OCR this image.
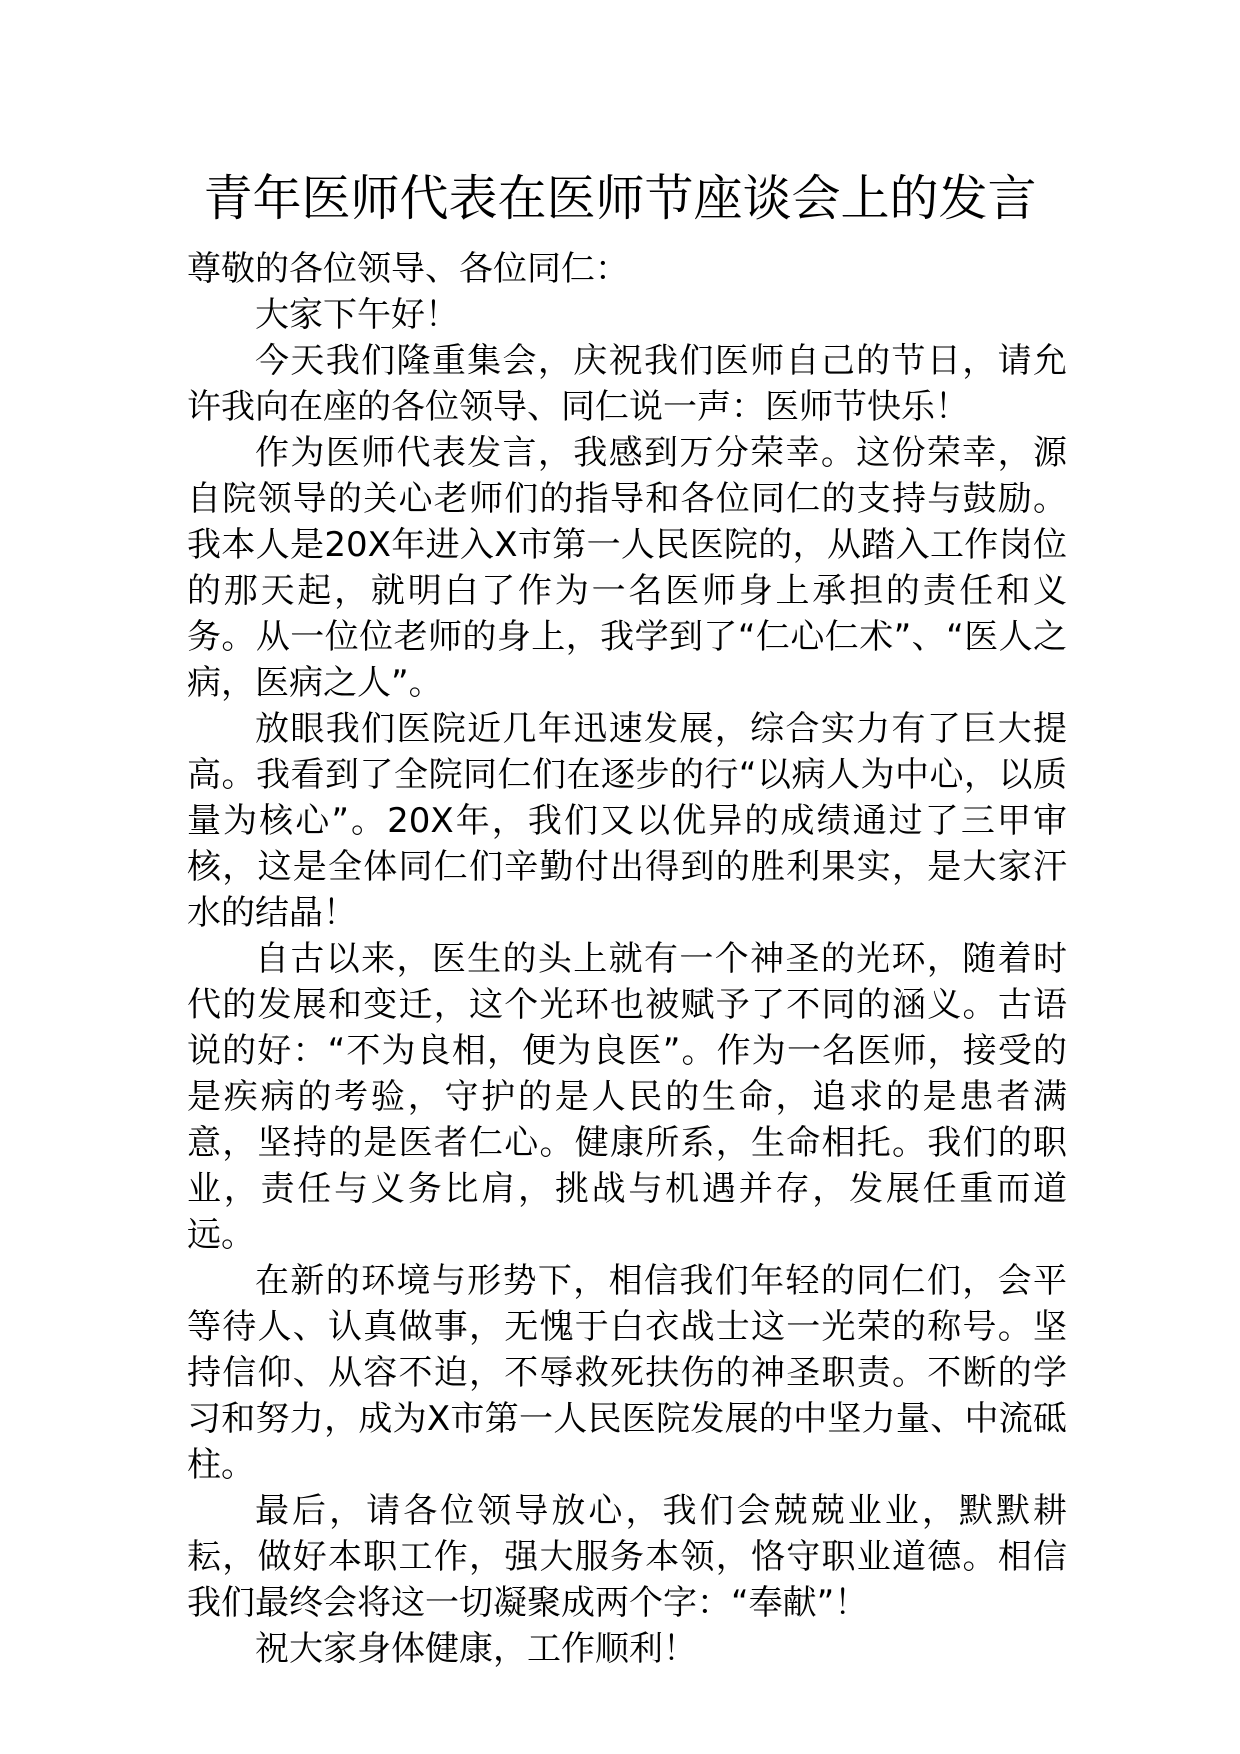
青年医师代表在医师节座谈会上的发言

尊敬的各位领导、各位同仁：

大家下午好！

今天我们隆重集会，庆祝我们医师自己的节日，请允许我向在座的各位领导、同仁说一声：医师节快乐！

作为医师代表发言，我感到万分荣幸。这份荣幸，源自院领导的关心老师们的指导和各位同仁的支持与鼓励。我本人是20X年进入X市第一人民医院的，从踏入工作岗位的那天起，就明白了作为一名医师身上承担的责任和义务。从一位位老师的身上，我学到了“仁心仁术”、“医人之病，医病之人”。

放眼我们医院近几年迅速发展，综合实力有了巨大提高。我看到了全院同仁们在逐步的行“以病人为中心，以质量为核心”。20X年，我们又以优异的成绩通过了三甲审核，这是全体同仁们辛勤付出得到的胜利果实，是大家汗水的结晶！

自古以来，医生的头上就有一个神圣的光环，随着时代的发展和变迁，这个光环也被赋予了不同的涵义。古语说的好：“不为良相，便为良医”。作为一名医师，接受的是疾病的考验，守护的是人民的生命，追求的是患者满意，坚持的是医者仁心。健康所系，生命相托。我们的职业，责任与义务比肩，挑战与机遇并存，发展任重而道远。

在新的环境与形势下，相信我们年轻的同仁们，会平等待人、认真做事，无愧于白衣战士这一光荣的称号。坚持信仰、从容不迫，不辱救死扶伤的神圣职责。不断的学习和努力，成为X市第一人民医院发展的中坚力量、中流砥柱。

最后，请各位领导放心，我们会兢兢业业，默默耕耘，做好本职工作，强大服务本领，恪守职业道德。相信我们最终会将这一切凝聚成两个字：“奉献”！

祝大家身体健康，工作顺利！
